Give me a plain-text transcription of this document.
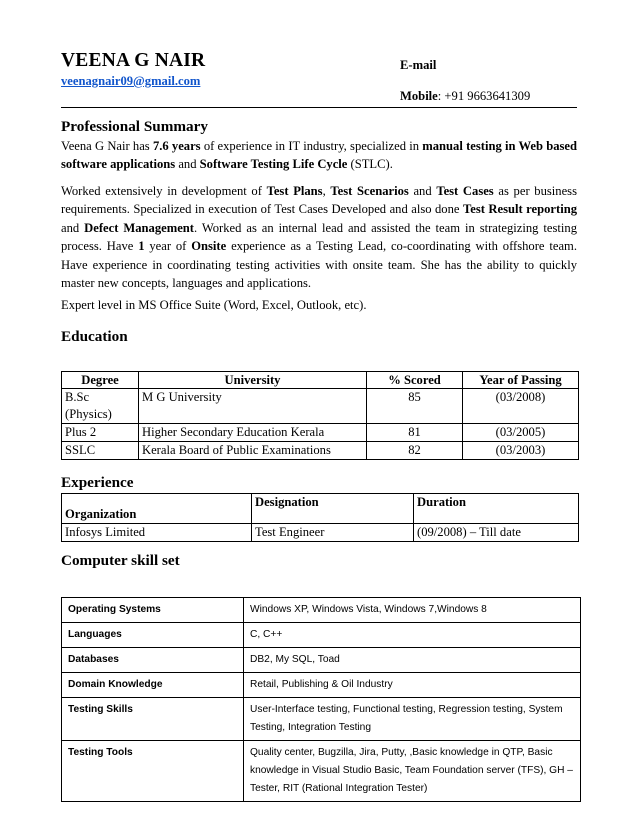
VEENA G NAIR
veenagnair09@gmail.com
E-mail
Mobile: +91 9663641309
Professional Summary

Veena G Nair has 7.6 years of experience in IT industry, specialized in manual testing in Web based software applications and Software Testing Life Cycle (STLC).

Worked extensively in development of Test Plans, Test Scenarios and Test Cases as per business requirements. Specialized in execution of Test Cases Developed and also done Test Result reporting and Defect Management. Worked as an internal lead and assisted the team in strategizing testing process. Have 1 year of Onsite experience as a Testing Lead, co-coordinating with offshore team. Have experience in coordinating testing activities with onsite team. She has the ability to quickly master new concepts, languages and applications.

Expert level in MS Office Suite (Word, Excel, Outlook, etc).

Education
Degree	University	% Scored	Year of Passing
B.Sc
(Physics)	M G University	85	(03/2008)
Plus 2	Higher Secondary Education Kerala	81	(03/2005)
SSLC	Kerala Board of Public Examinations	82	(03/2003)
Experience
Organization	Designation	Duration
Infosys Limited	Test Engineer	(09/2008) – Till date
Computer skill set
Operating Systems	Windows XP, Windows Vista, Windows 7,Windows 8
Languages	C, C++
Databases	DB2, My SQL, Toad
Domain Knowledge	Retail, Publishing & Oil Industry
Testing Skills	User-Interface testing, Functional testing, Regression testing, System Testing, Integration Testing
Testing Tools	Quality center, Bugzilla, Jira, Putty, ,Basic knowledge in QTP, Basic knowledge in Visual Studio Basic, Team Foundation server (TFS), GH – Tester, RIT (Rational Integration Tester)
